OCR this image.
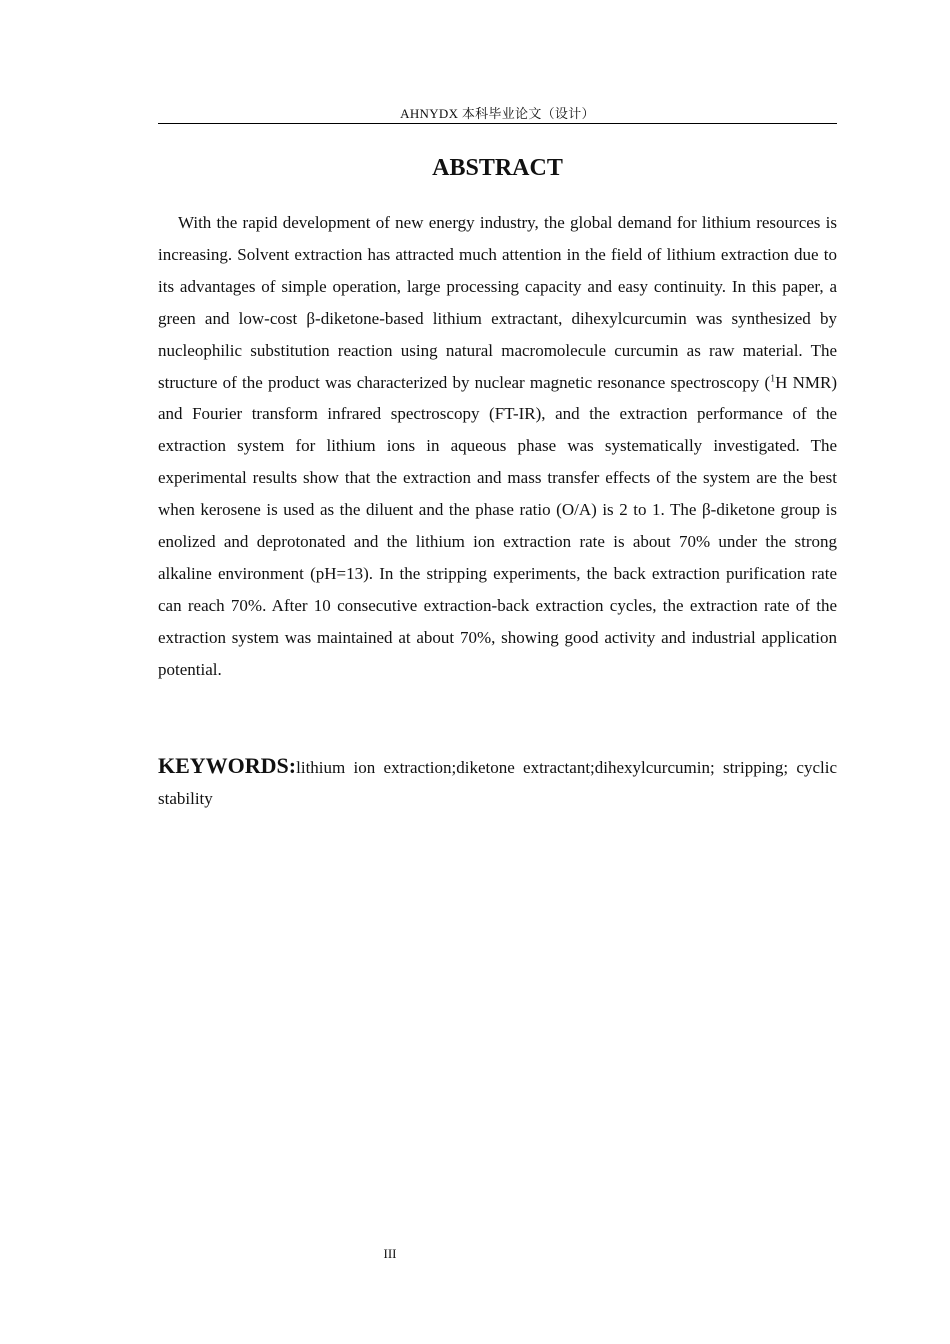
AHNYDX 本科毕业论文（设计）
ABSTRACT

With the rapid development of new energy industry, the global demand for lithium resources is increasing. Solvent extraction has attracted much attention in the field of lithium extraction due to its advantages of simple operation, large processing capacity and easy continuity. In this paper, a green and low-cost β-diketone-based lithium extractant, dihexylcurcumin was synthesized by nucleophilic substitution reaction using natural macromolecule curcumin as raw material. The structure of the product was characterized by nuclear magnetic resonance spectroscopy ($^1$H NMR) and Fourier transform infrared spectroscopy (FT-IR), and the extraction performance of the extraction system for lithium ions in aqueous phase was systematically investigated. The experimental results show that the extraction and mass transfer effects of the system are the best when kerosene is used as the diluent and the phase ratio (O/A) is 2 to 1. The β-diketone group is enolized and deprotonated and the lithium ion extraction rate is about 70% under the strong alkaline environment (pH=13). In the stripping experiments, the back extraction purification rate can reach 70%. After 10 consecutive extraction-back extraction cycles, the extraction rate of the extraction system was maintained at about 70%, showing good activity and industrial application potential.

KEYWORDS:lithium ion extraction;diketone extractant;dihexylcurcumin; stripping; cyclic stability

III
